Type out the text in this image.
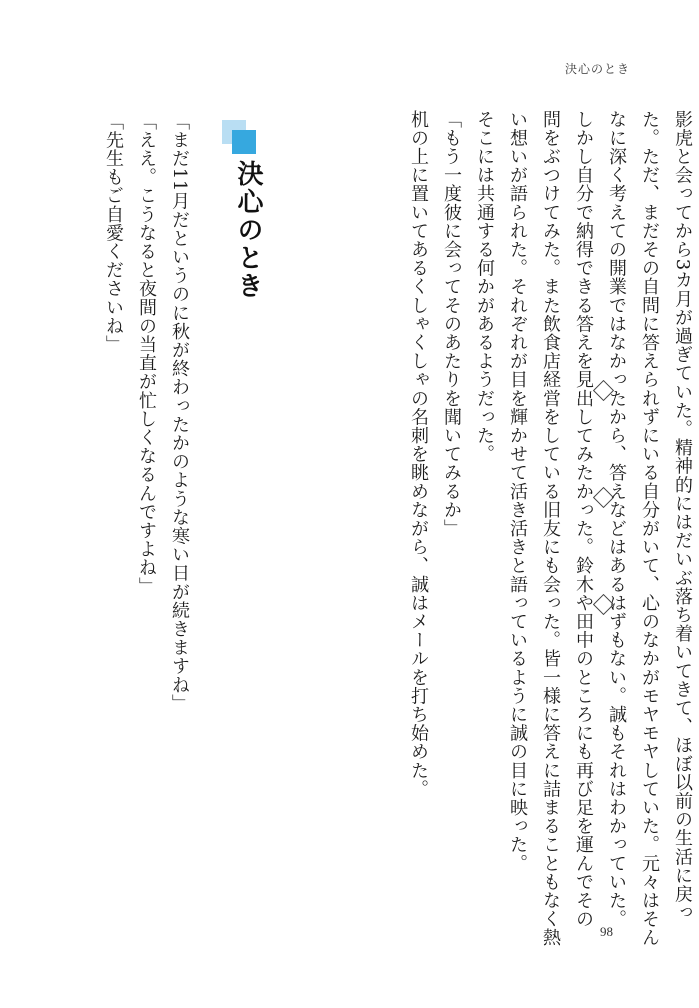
決心のとき
影虎と会ってから3カ月が過ぎていた。精神的にはだいぶ落ち着いてきて、ほぼ以前の生活に戻っ
た。ただ、まだその自問に答えられずにいる自分がいて、心のなかがモヤモヤしていた。元々はそん
なに深く考えての開業ではなかったから、答えなどはあるはずもない。誠もそれはわかっていた。
しかし自分で納得できる答えを見出してみたかった。鈴木や田中のところにも再び足を運んでその
問をぶつけてみた。また飲食店経営をしている旧友にも会った。皆一様に答えに詰まることもなく熱
い想いが語られた。それぞれが目を輝かせて活き活きと語っているように誠の目に映った。
そこには共通する何かがあるようだった。
「もう一度彼に会ってそのあたりを聞いてみるか」
机の上に置いてあるくしゃくしゃの名刺を眺めながら、誠はメールを打ち始めた。
決心のとき
「まだ11月だというのに秋が終わったかのような寒い日が続きますね」
「ええ。こうなると夜間の当直が忙しくなるんですよね」
「先生もご自愛くださいね」
98
